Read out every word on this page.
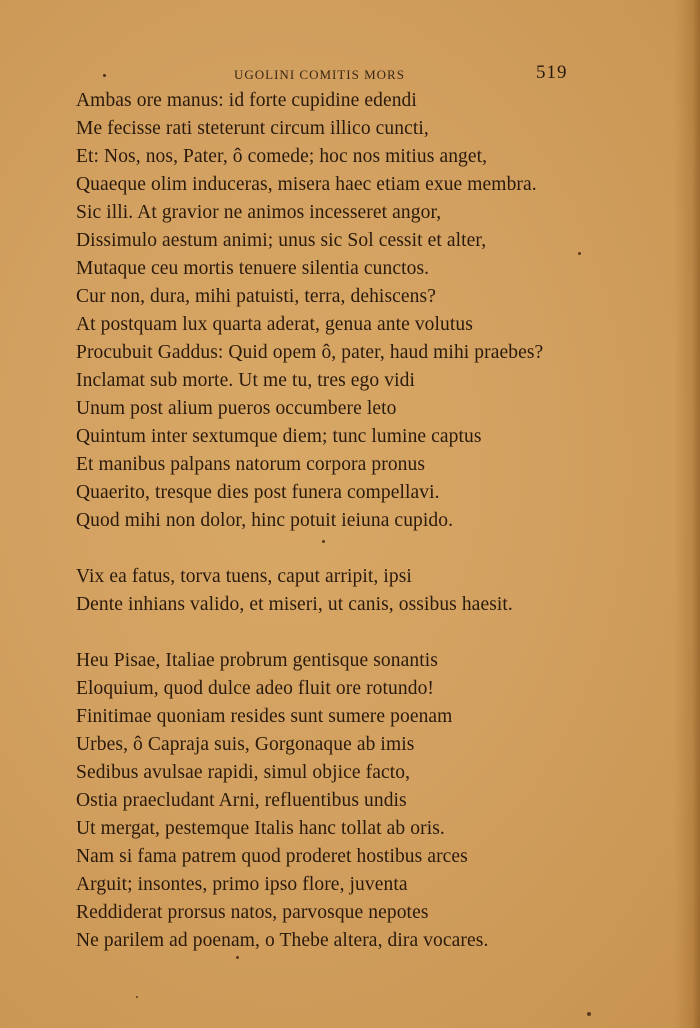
UGOLINI COMITIS MORS	519

Ambas ore manus: id forte cupidine edendi
Me fecisse rati steterunt circum illico cuncti,
Et: Nos, nos, Pater, ô comede; hoc nos mitius anget,
Quaeque olim induceras, misera haec etiam exue membra.
Sic illi. At gravior ne animos incesseret angor,
Dissimulo aestum animi; unus sic Sol cessit et alter,
Mutaque ceu mortis tenuere silentia cunctos.
Cur non, dura, mihi patuisti, terra, dehiscens?
At postquam lux quarta aderat, genua ante volutus
Procubuit Gaddus: Quid opem ô, pater, haud mihi praebes?
Inclamat sub morte. Ut me tu, tres ego vidi
Unum post alium pueros occumbere leto
Quintum inter sextumque diem; tunc lumine captus
Et manibus palpans natorum corpora pronus
Quaerito, tresque dies post funera compellavi.
Quod mihi non dolor, hinc potuit ieiuna cupido.

Vix ea fatus, torva tuens, caput arripit, ipsi
Dente inhians valido, et miseri, ut canis, ossibus haesit.

Heu Pisae, Italiae probrum gentisque sonantis
Eloquium, quod dulce adeo fluit ore rotundo!
Finitimae quoniam resides sunt sumere poenam
Urbes, ô Capraja suis, Gorgonaque ab imis
Sedibus avulsae rapidi, simul objice facto,
Ostia praecludant Arni, refluentibus undis
Ut mergat, pestemque Italis hanc tollat ab oris.
Nam si fama patrem quod proderet hostibus arces
Arguit; insontes, primo ipso flore, juventa
Reddiderat prorsus natos, parvosque nepotes
Ne parilem ad poenam, o Thebe altera, dira vocares.
